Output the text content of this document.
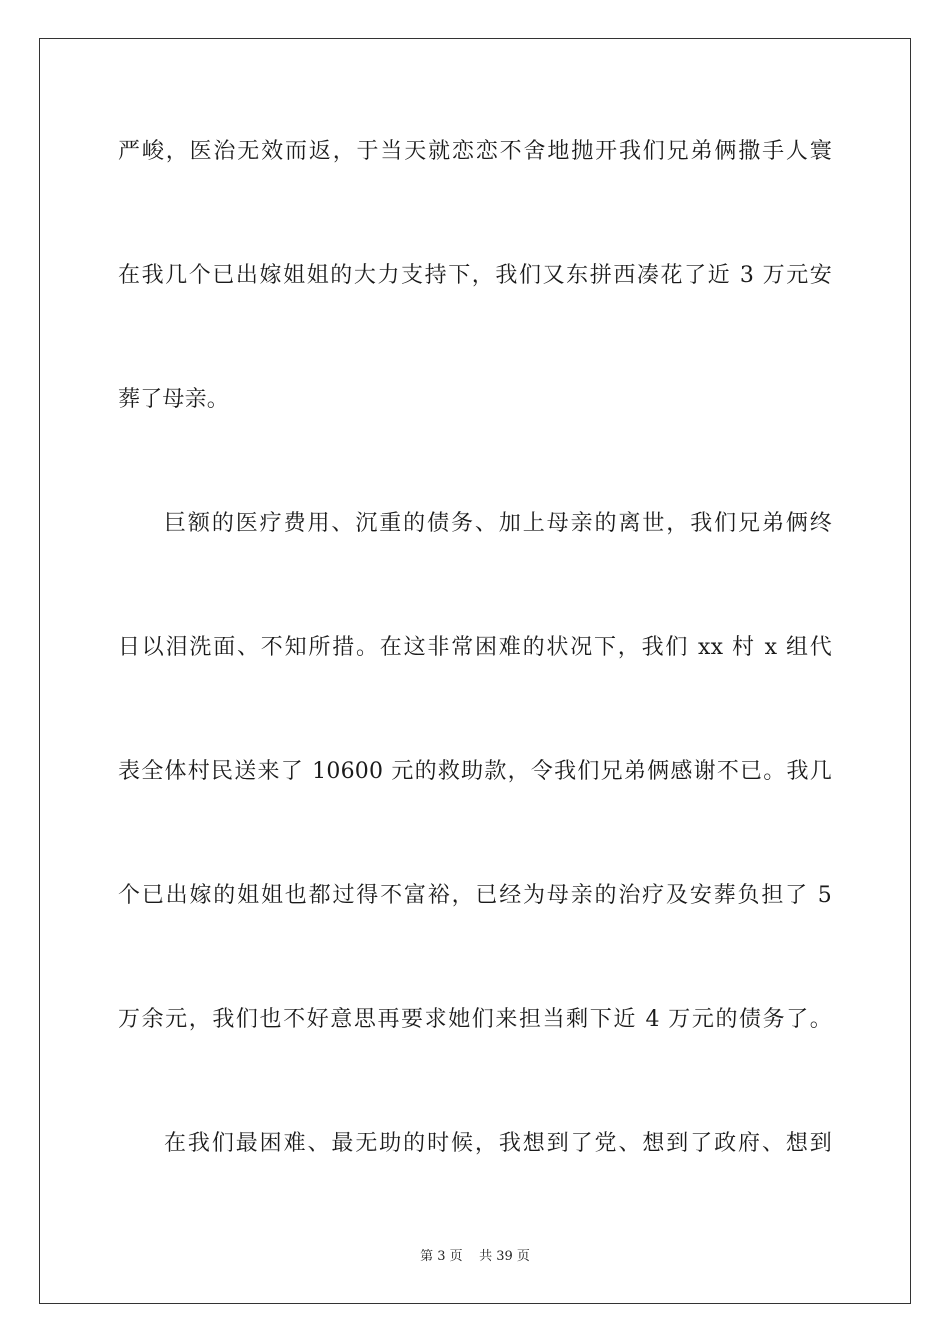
严峻，医治无效而返，于当天就恋恋不舍地抛开我们兄弟俩撒手人寰
在我几个已出嫁姐姐的大力支持下，我们又东拼西凑花了近 3 万元安
葬了母亲。
巨额的医疗费用、沉重的债务、加上母亲的离世，我们兄弟俩终
日以泪洗面、不知所措。在这非常困难的状况下，我们 xx 村 x 组代
表全体村民送来了 10600 元的救助款，令我们兄弟俩感谢不已。我几
个已出嫁的姐姐也都过得不富裕，已经为母亲的治疗及安葬负担了 5
万余元，我们也不好意思再要求她们来担当剩下近 4 万元的债务了。
在我们最困难、最无助的时候，我想到了党、想到了政府、想到
第 3 页    共 39 页
